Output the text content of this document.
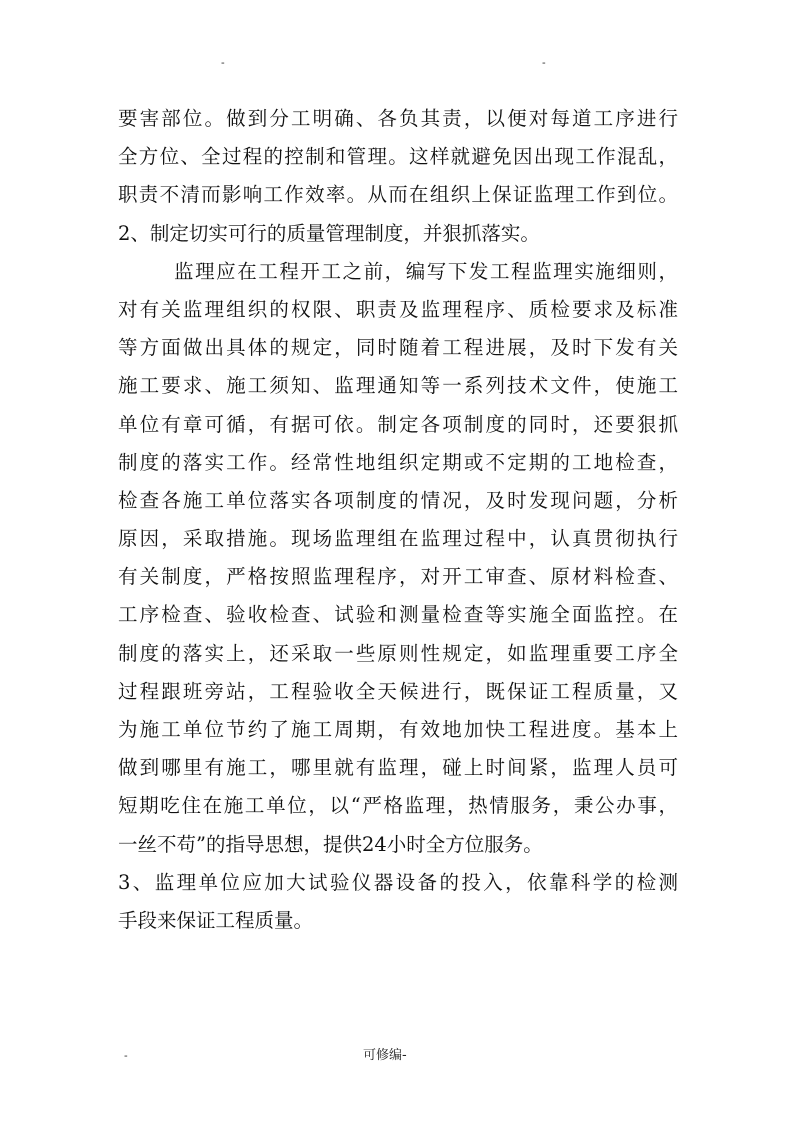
-	-
要害部位。做到分工明确、各负其责，以便对每道工序进行
全方位、全过程的控制和管理。这样就避免因出现工作混乱，
职责不清而影响工作效率。从而在组织上保证监理工作到位。
2、制定切实可行的质量管理制度，并狠抓落实。
监理应在工程开工之前，编写下发工程监理实施细则，
对有关监理组织的权限、职责及监理程序、质检要求及标准
等方面做出具体的规定，同时随着工程进展，及时下发有关
施工要求、施工须知、监理通知等一系列技术文件，使施工
单位有章可循，有据可依。制定各项制度的同时，还要狠抓
制度的落实工作。经常性地组织定期或不定期的工地检查，
检查各施工单位落实各项制度的情况，及时发现问题，分析
原因，采取措施。现场监理组在监理过程中，认真贯彻执行
有关制度，严格按照监理程序，对开工审查、原材料检查、
工序检查、验收检查、试验和测量检查等实施全面监控。在
制度的落实上，还采取一些原则性规定，如监理重要工序全
过程跟班旁站，工程验收全天候进行，既保证工程质量，又
为施工单位节约了施工周期，有效地加快工程进度。基本上
做到哪里有施工，哪里就有监理，碰上时间紧，监理人员可
短期吃住在施工单位，以“严格监理，热情服务，秉公办事，
一丝不苟”的指导思想，提供24小时全方位服务。
3、监理单位应加大试验仪器设备的投入，依靠科学的检测
手段来保证工程质量。
-	可修编-
